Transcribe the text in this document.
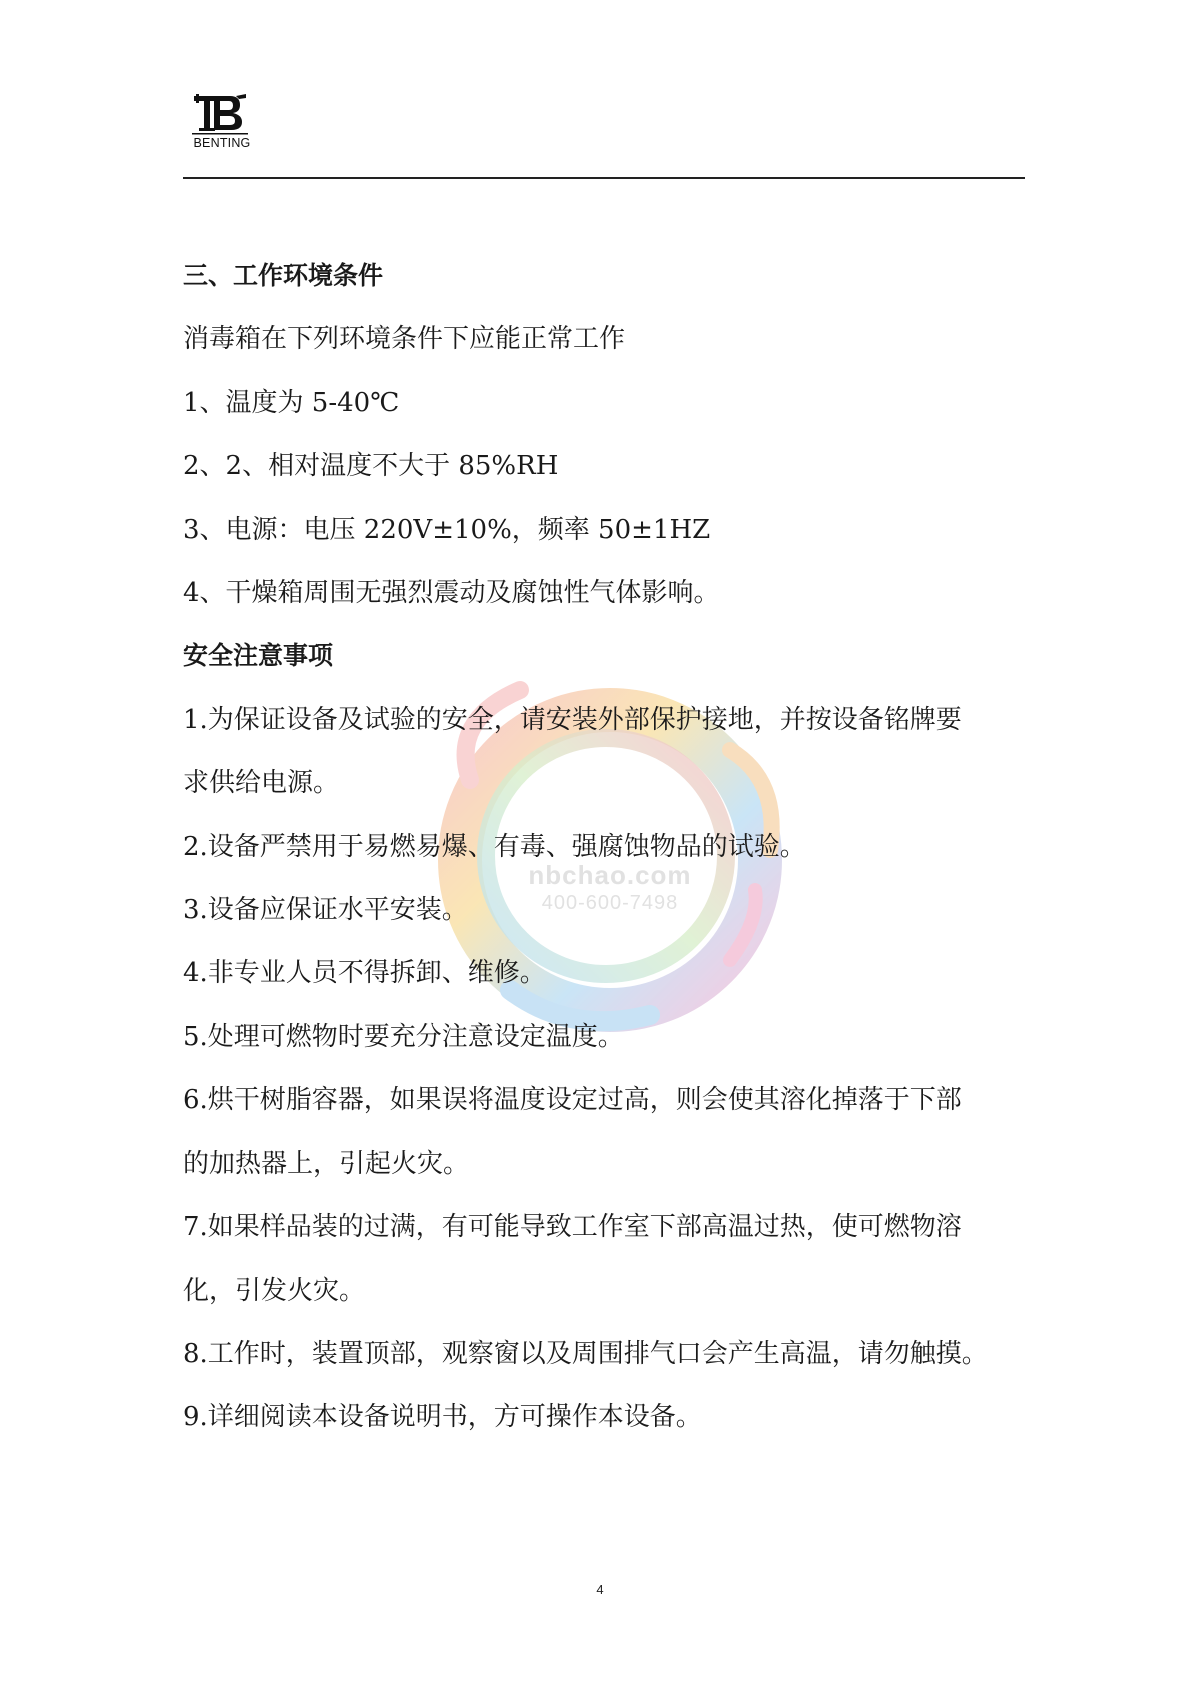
BENTING
nbchao.com
400-600-7498
三、工作环境条件
消毒箱在下列环境条件下应能正常工作
1、温度为 5-40℃
2、2、相对温度不大于 85%RH
3、电源：电压 220V±10%，频率 50±1HZ
4、干燥箱周围无强烈震动及腐蚀性气体影响。
安全注意事项
1.为保证设备及试验的安全，请安装外部保护接地，并按设备铭牌要
求供给电源。
2.设备严禁用于易燃易爆、有毒、强腐蚀物品的试验。
3.设备应保证水平安装。
4.非专业人员不得拆卸、维修。
5.处理可燃物时要充分注意设定温度。
6.烘干树脂容器，如果误将温度设定过高，则会使其溶化掉落于下部
的加热器上，引起火灾。
7.如果样品装的过满，有可能导致工作室下部高温过热，使可燃物溶
化，引发火灾。
8.工作时，装置顶部，观察窗以及周围排气口会产生高温，请勿触摸。
9.详细阅读本设备说明书，方可操作本设备。
4
